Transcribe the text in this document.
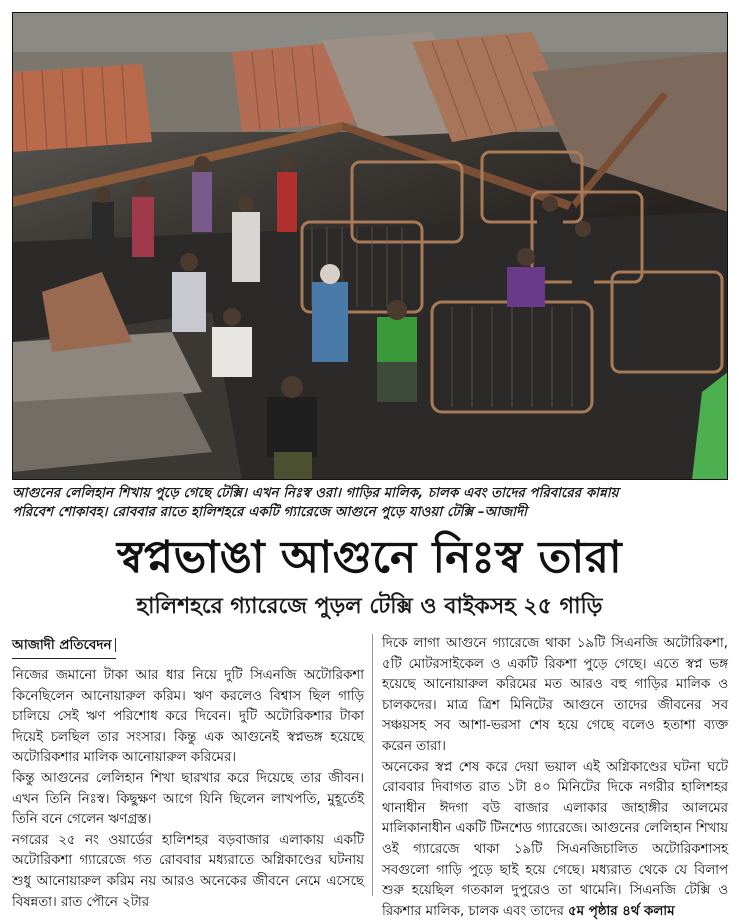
আগুনের লেলিহান শিখায় পুড়ে গেছে টেক্সি। এখন নিঃস্ব ওরা। গাড়ির মালিক, চালক এবং তাদের পরিবারের কান্নায়
পরিবেশ শোকাবহ। রোববার রাতে হালিশহরে একটি গ্যারেজে আগুনে পুড়ে যাওয়া টেক্সি –আজাদী
স্বপ্নভাঙা আগুনে নিঃস্ব তারা
হালিশহরে গ্যারেজে পুড়ল টেক্সি ও বাইকসহ ২৫ গাড়ি
আজাদী প্রতিবেদন

নিজের জমানো টাকা আর ধার নিয়ে দুটি সিএনজি অটোরিকশা কিনেছিলেন আনোয়ারুল করিম। ঋণ করলেও বিশ্বাস ছিল গাড়ি চালিয়ে সেই ঋণ পরিশোধ করে দিবেন। দুটি অটোরিকশার টাকা দিয়েই চলছিল তার সংসার। কিন্তু এক আগুনেই স্বপ্নভঙ্গ হয়েছে অটোরিকশার মালিক আনোয়ারুল করিমের।

কিন্তু আগুনের লেলিহান শিখা ছারখার করে দিয়েছে তার জীবন। এখন তিনি নিঃস্ব। কিছুক্ষণ আগে যিনি ছিলেন লাখপতি, মুহূর্তেই তিনি বনে গেলেন ঋণগ্রস্ত।

নগরের ২৫ নং ওয়ার্ডের হালিশহর বড়বাজার এলাকায় একটি অটোরিকশা গ্যারেজে গত রোববার মধ্যরাতে অগ্নিকাণ্ডের ঘটনায় শুধু আনোয়ারুল করিম নয় আরও অনেকের জীবনে নেমে এসেছে বিষন্নতা। রাত পৌনে ২টার

দিকে লাগা আগুনে গ্যারেজে থাকা ১৯টি সিএনজি অটোরিকশা, ৫টি মোটরসাইকেল ও একটি রিকশা পুড়ে গেছে। এতে স্বপ্ন ভঙ্গ হয়েছে আনোয়ারুল করিমের মত আরও বহু গাড়ির মালিক ও চালকদের। মাত্র ত্রিশ মিনিটের আগুনে তাদের জীবনের সব সঞ্চয়সহ সব আশা-ভরসা শেষ হয়ে গেছে বলেও হতাশা ব্যক্ত করেন তারা।

অনেকের স্বপ্ন শেষ করে দেয়া ভয়াল এই অগ্নিকাণ্ডের ঘটনা ঘটে রোববার দিবাগত রাত ১টা ৪০ মিনিটের দিকে নগরীর হালিশহর থানাধীন ঈদগা বউ বাজার এলাকার জাহাঙ্গীর আলমের মালিকানাধীন একটি টিনশেড গ্যারেজে। আগুনের লেলিহান শিখায় ওই গ্যারেজে থাকা ১৯টি সিএনজিচালিত অটোরিকশাসহ সবগুলো গাড়ি পুড়ে ছাই হয়ে গেছে। মধ্যরাত থেকে যে বিলাপ শুরু হয়েছিল গতকাল দুপুরেও তা থামেনি। সিএনজি টেক্সি ও রিকশার মালিক, চালক এবং তাদের ৫ম পৃষ্ঠার ৪র্থ কলাম
